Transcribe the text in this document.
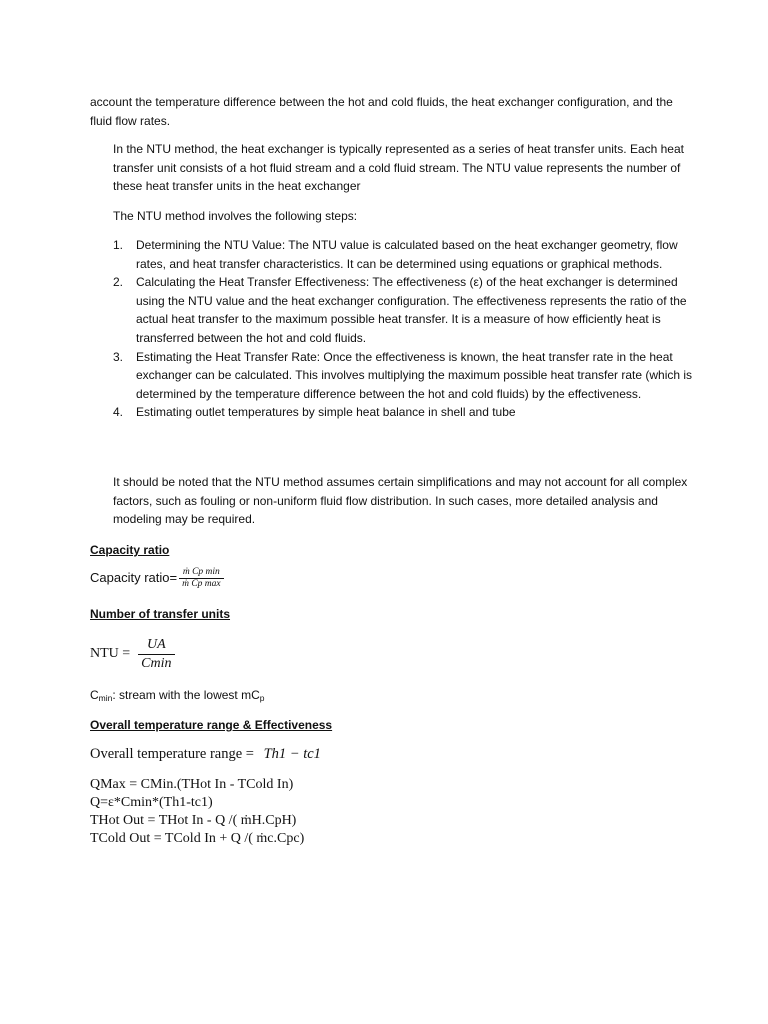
account the temperature difference between the hot and cold fluids, the heat exchanger configuration, and the fluid flow rates.

In the NTU method, the heat exchanger is typically represented as a series of heat transfer units. Each heat transfer unit consists of a hot fluid stream and a cold fluid stream. The NTU value represents the number of these heat transfer units in the heat exchanger

The NTU method involves the following steps:

1. Determining the NTU Value: The NTU value is calculated based on the heat exchanger geometry, flow rates, and heat transfer characteristics. It can be determined using equations or graphical methods.
2. Calculating the Heat Transfer Effectiveness: The effectiveness (ε) of the heat exchanger is determined using the NTU value and the heat exchanger configuration. The effectiveness represents the ratio of the actual heat transfer to the maximum possible heat transfer. It is a measure of how efficiently heat is transferred between the hot and cold fluids.
3. Estimating the Heat Transfer Rate: Once the effectiveness is known, the heat transfer rate in the heat exchanger can be calculated. This involves multiplying the maximum possible heat transfer rate (which is determined by the temperature difference between the hot and cold fluids) by the effectiveness.
4. Estimating outlet temperatures by simple heat balance in shell and tube

It should be noted that the NTU method assumes certain simplifications and may not account for all complex factors, such as fouling or non-uniform fluid flow distribution. In such cases, more detailed analysis and modeling may be required.

Capacity ratio
Capacity ratio= $\frac{\text{ṁ Cp min}}{\text{ṁ Cp max}}$
Number of transfer units
NTU = $\frac{UA}{Cmin}$
$C_{min}$: stream with the lowest $mC_p$
Overall temperature range & Effectiveness
Overall temperature range = Th1 − tc1
QMax = CMin.(THot In - TCold In)
Q=ε*Cmin*(Th1-tc1)
THot Out = THot In - Q /( ṁH.CpH)
TCold Out = TCold In + Q /( ṁc.Cpc)
